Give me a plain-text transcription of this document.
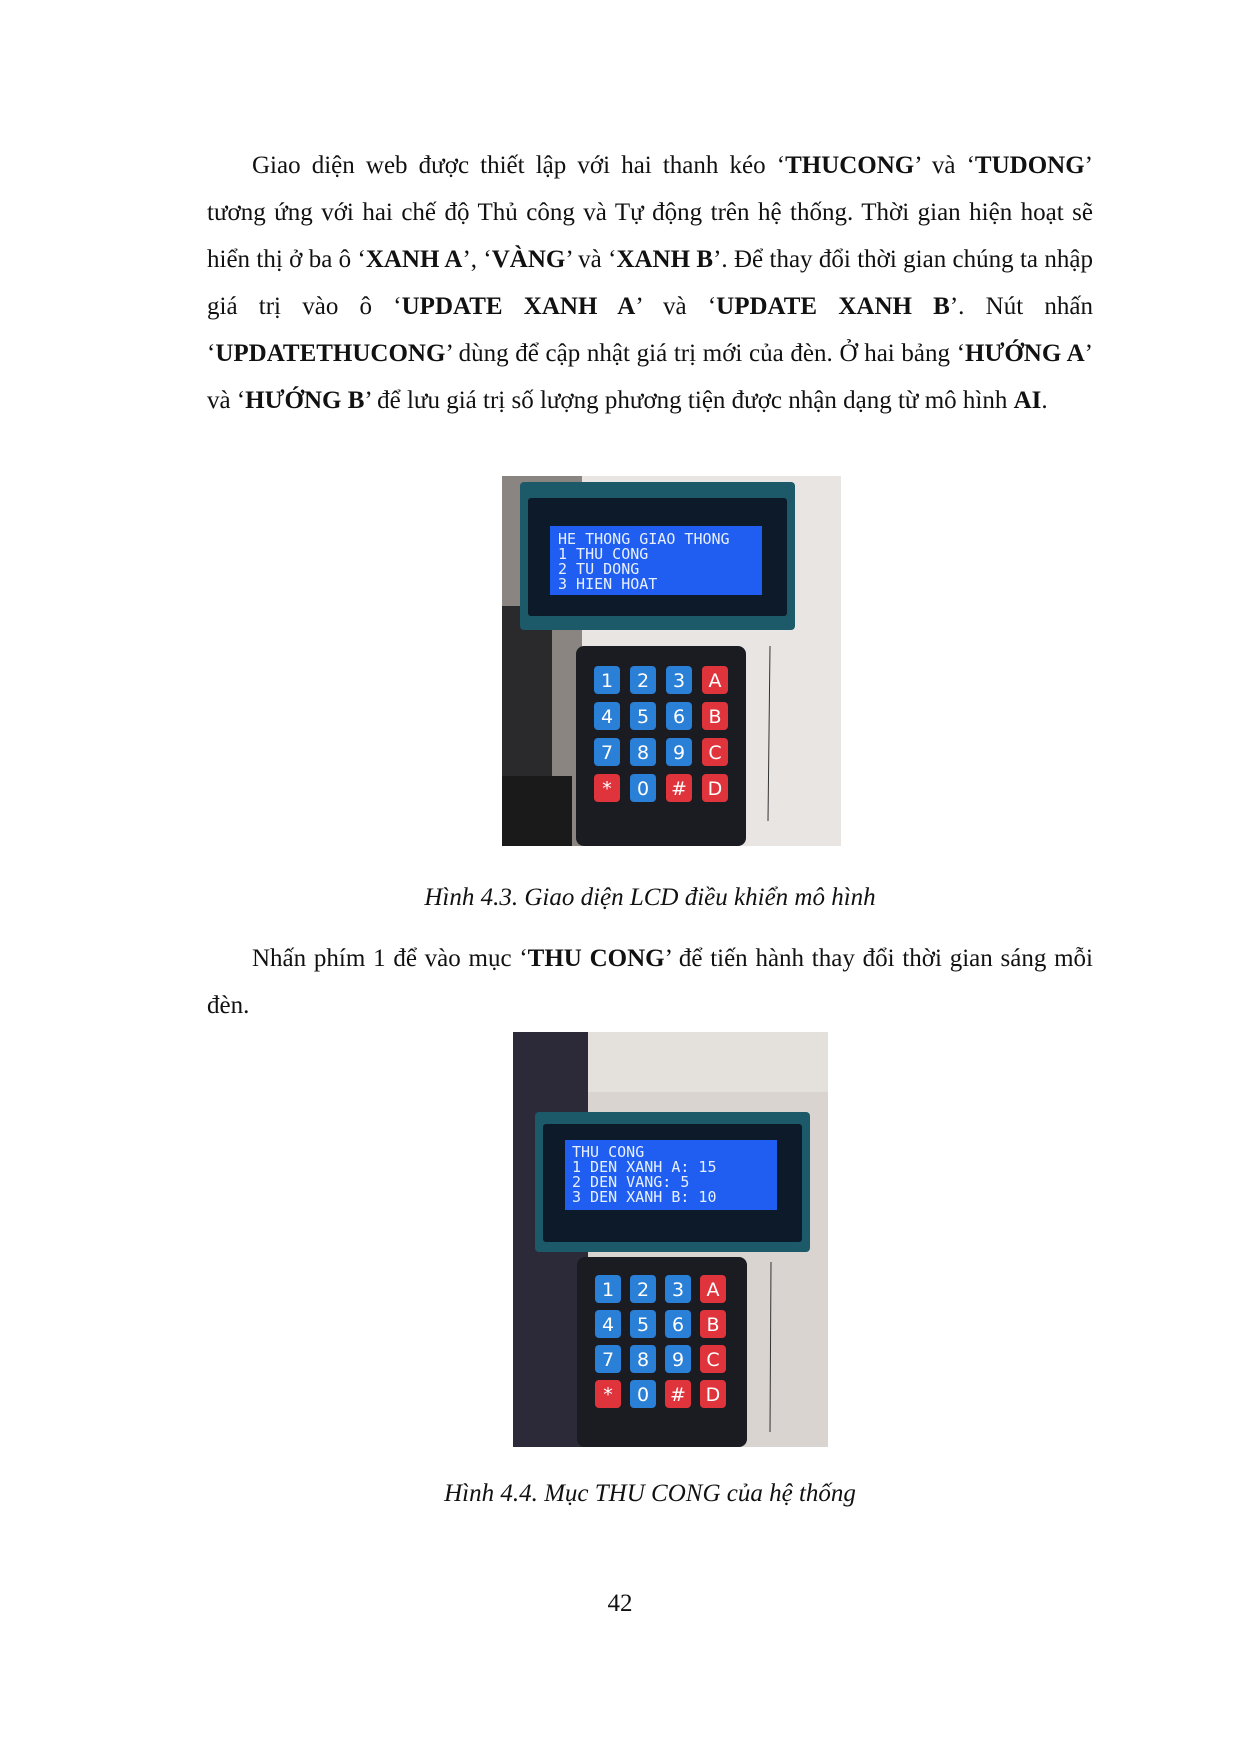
Giao diện web được thiết lập với hai thanh kéo ‘THUCONG’ và ‘TUDONG’ tương ứng với hai chế độ Thủ công và Tự động trên hệ thống. Thời gian hiện hoạt sẽ hiển thị ở ba ô ‘XANH A’, ‘VÀNG’ và ‘XANH B’. Để thay đổi thời gian chúng ta nhập giá trị vào ô ‘UPDATE XANH A’ và ‘UPDATE XANH B’. Nút nhấn ‘UPDATETHUCONG’ dùng để cập nhật giá trị mới của đèn. Ở hai bảng ‘HƯỚNG A’ và ‘HƯỚNG B’ để lưu giá trị số lượng phương tiện được nhận dạng từ mô hình AI.

HE THONG GIAO THONG
1 THU CONG
2 TU DONG
3 HIEN HOAT
1 2 3 A
4 5 6 B
7 8 9 C
* 0 # D

Hình 4.3. Giao diện LCD điều khiển mô hình

Nhấn phím 1 để vào mục ‘THU CONG’ để tiến hành thay đổi thời gian sáng mỗi đèn.

THU CONG
1 DEN XANH A: 15
2 DEN VANG: 5
3 DEN XANH B: 10
1 2 3 A
4 5 6 B
7 8 9 C
* 0 # D

Hình 4.4. Mục THU CONG của hệ thống

42
